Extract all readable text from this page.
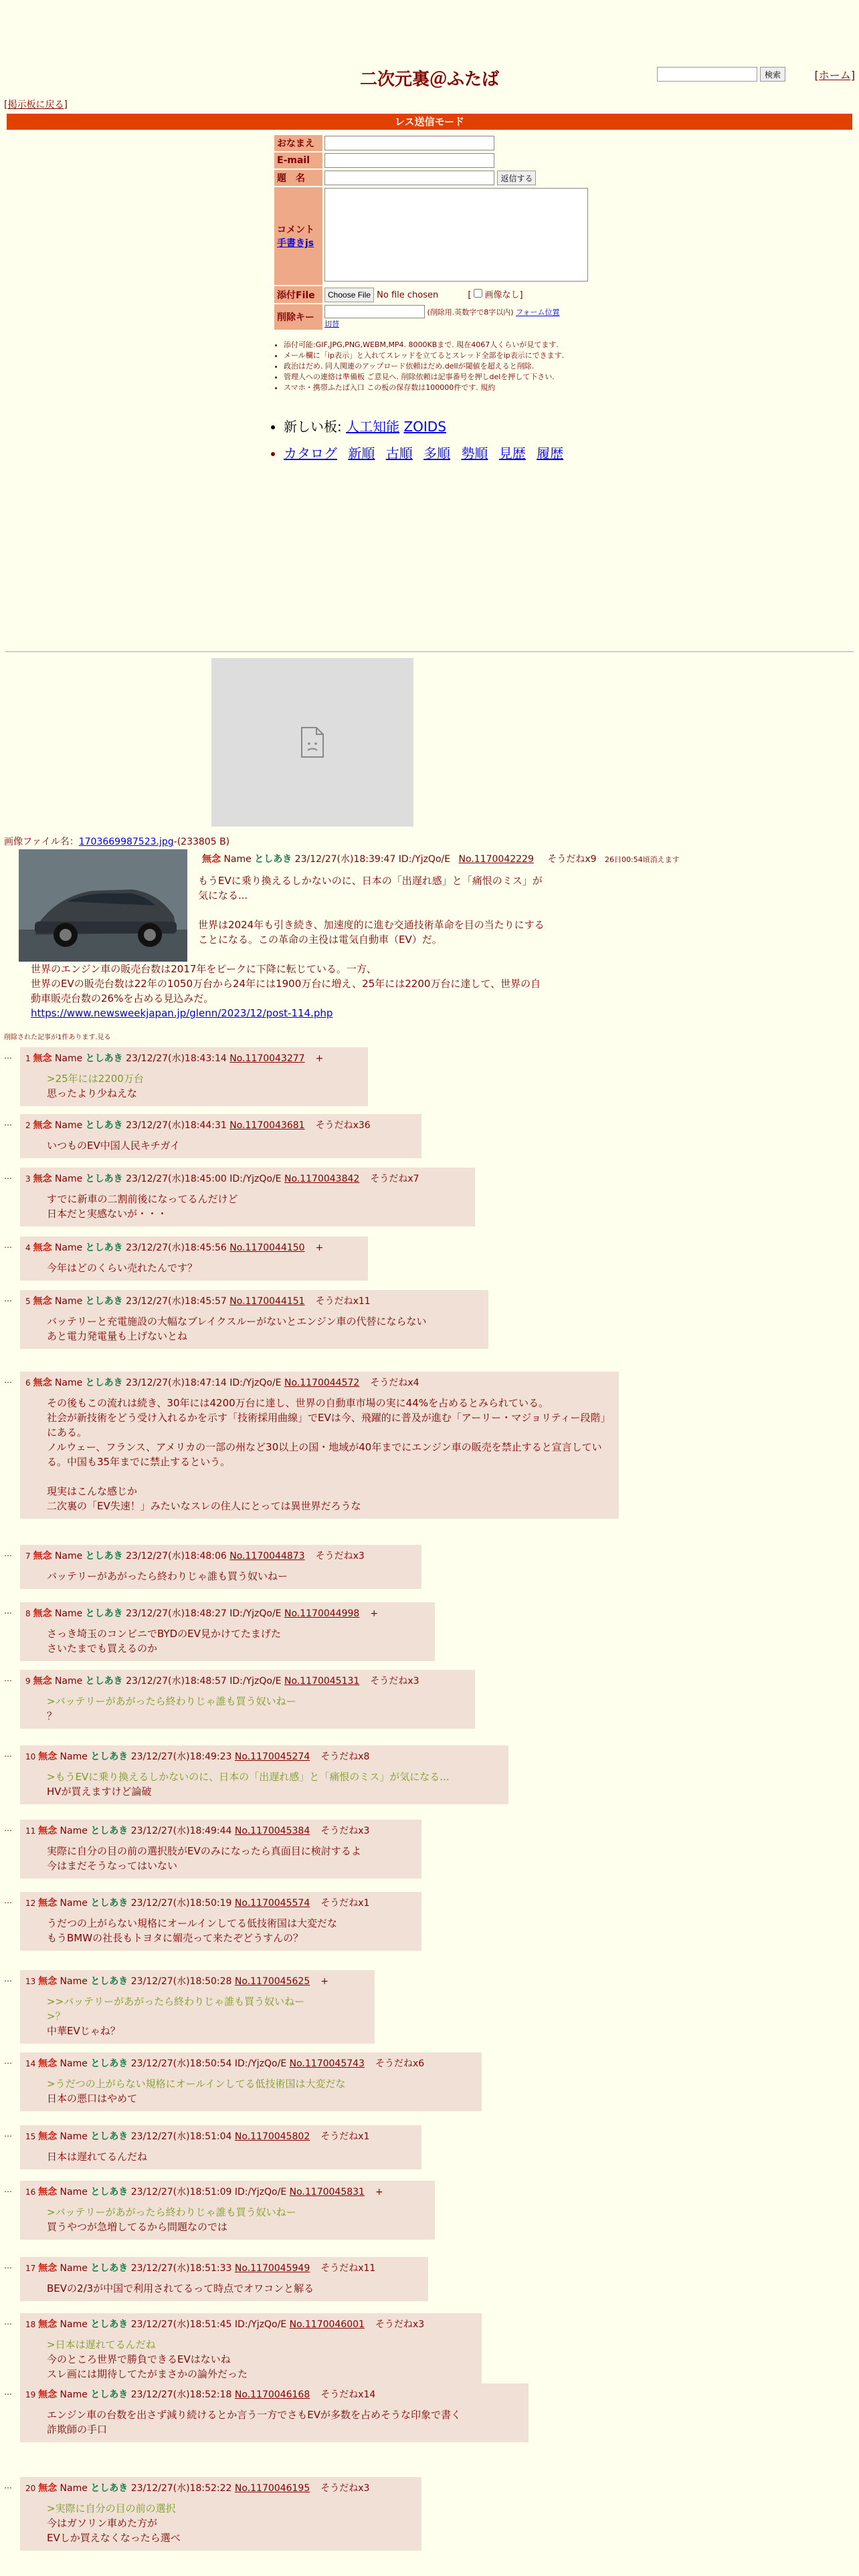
二次元裏＠ふたば	検索	[ホーム]
[掲示板に戻る]
レス送信モード
おなまえ	
E-mail	
題　名	返信する

コメント
手書きjs	
添付File	Choose File No file chosen [ 画像なし]
削除キー	(削除用.英数字で8字以内) フォーム位置
切替
• 添付可能:GIF,JPG,PNG,WEBM,MP4. 8000KBまで. 現在4067人くらいが見てます.
• メール欄に「ip表示」と入れてスレッドを立てるとスレッド全部をip表示にできます.
• 政治はだめ. 同人関連のアップロード依頼はだめ.dellが閾値を超えると削除.
• 管理人への連絡は準備板 ご意見へ. 削除依頼は記事番号を押しdelを押して下さい.
• スマホ・携帯ふたば入口 この板の保存数は100000件です. 規約
• 新しい板: 人工知能 ZOIDS
• カタログ 新順 古順 多順 勢順 見歴 履歴
画像ファイル名：1703669987523.jpg-(233805 B)
無念 Name としあき 23/12/27(水)18:39:47 ID:/YjzQo/E No.1170042229 そうだねx9 26日00:54頃消えます
もうEVに乗り換えるしかないのに、日本の「出遅れ感」と「痛恨のミス」が
気になる...

世界は2024年も引き続き、加速度的に進む交通技術革命を目の当たりにする
ことになる。この革命の主役は電気自動車（EV）だ。
世界のエンジン車の販売台数は2017年をピークに下降に転じている。一方、
世界のEVの販売台数は22年の1050万台から24年には1900万台に増え、25年には2200万台に達して、世界の自
動車販売台数の26%を占める見込みだ。
https://www.newsweekjapan.jp/glenn/2023/12/post-114.php
削除された記事が1件あります.見る
… 1 無念 Name としあき 23/12/27(水)18:43:14 No.1170043277 +
>25年には2200万台
思ったより少ねえな
… 2 無念 Name としあき 23/12/27(水)18:44:31 No.1170043681 そうだねx36
いつものEV中国人民キチガイ
… 3 無念 Name としあき 23/12/27(水)18:45:00 ID:/YjzQo/E No.1170043842 そうだねx7
すでに新車の二割前後になってるんだけど
日本だと実感ないが・・・
… 4 無念 Name としあき 23/12/27(水)18:45:56 No.1170044150 +
今年はどのくらい売れたんです？
… 5 無念 Name としあき 23/12/27(水)18:45:57 No.1170044151 そうだねx11
バッテリーと充電施設の大幅なブレイクスルーがないとエンジン車の代替にならない
あと電力発電量も上げないとね
… 6 無念 Name としあき 23/12/27(水)18:47:14 ID:/YjzQo/E No.1170044572 そうだねx4
その後もこの流れは続き、30年には4200万台に達し、世界の自動車市場の実に44%を占めるとみられている。
社会が新技術をどう受け入れるかを示す「技術採用曲線」でEVは今、飛躍的に普及が進む「アーリー・マジョリティー段階」にある。
ノルウェー、フランス、アメリカの一部の州など30以上の国・地域が40年までにエンジン車の販売を禁止すると宣言している。中国も35年までに禁止するという。

現実はこんな感じか
二次裏の「EV失速！」みたいなスレの住人にとっては異世界だろうな
… 7 無念 Name としあき 23/12/27(水)18:48:06 No.1170044873 そうだねx3
バッテリーがあがったら終わりじゃ誰も買う奴いねー
… 8 無念 Name としあき 23/12/27(水)18:48:27 ID:/YjzQo/E No.1170044998 +
さっき埼玉のコンビニでBYDのEV見かけてたまげた
さいたまでも買えるのか
… 9 無念 Name としあき 23/12/27(水)18:48:57 ID:/YjzQo/E No.1170045131 そうだねx3
>バッテリーがあがったら終わりじゃ誰も買う奴いねー
？
… 10 無念 Name としあき 23/12/27(水)18:49:23 No.1170045274 そうだねx8
>もうEVに乗り換えるしかないのに、日本の「出遅れ感」と「痛恨のミス」が気になる...
HVが買えますけど論破
… 11 無念 Name としあき 23/12/27(水)18:49:44 No.1170045384 そうだねx3
実際に自分の目の前の選択肢がEVのみになったら真面目に検討するよ
今はまだそうなってはいない
… 12 無念 Name としあき 23/12/27(水)18:50:19 No.1170045574 そうだねx1
うだつの上がらない規格にオールインしてる低技術国は大変だな
もうBMWの社長もトヨタに媚売って来たぞどうすんの？
… 13 無念 Name としあき 23/12/27(水)18:50:28 No.1170045625 +
>>バッテリーがあがったら終わりじゃ誰も買う奴いねー
>？
中華EVじゃね？
… 14 無念 Name としあき 23/12/27(水)18:50:54 ID:/YjzQo/E No.1170045743 そうだねx6
>うだつの上がらない規格にオールインしてる低技術国は大変だな
日本の悪口はやめて
… 15 無念 Name としあき 23/12/27(水)18:51:04 No.1170045802 そうだねx1
日本は遅れてるんだね
… 16 無念 Name としあき 23/12/27(水)18:51:09 ID:/YjzQo/E No.1170045831 +
>バッテリーがあがったら終わりじゃ誰も買う奴いねー
買うやつが急増してるから問題なのでは
… 17 無念 Name としあき 23/12/27(水)18:51:33 No.1170045949 そうだねx11
BEVの2/3が中国で利用されてるって時点でオワコンと解る
… 18 無念 Name としあき 23/12/27(水)18:51:45 ID:/YjzQo/E No.1170046001 そうだねx3
>日本は遅れてるんだね
今のところ世界で勝負できるEVはないね
スレ画には期待してたがまさかの論外だった
… 19 無念 Name としあき 23/12/27(水)18:52:18 No.1170046168 そうだねx14
エンジン車の台数を出さず減り続けるとか言う一方でさもEVが多数を占めそうな印象で書く
詐欺師の手口
… 20 無念 Name としあき 23/12/27(水)18:52:22 No.1170046195 そうだねx3
>実際に自分の目の前の選択
今はガソリン車めた方が
EVしか買えなくなったら選べ
